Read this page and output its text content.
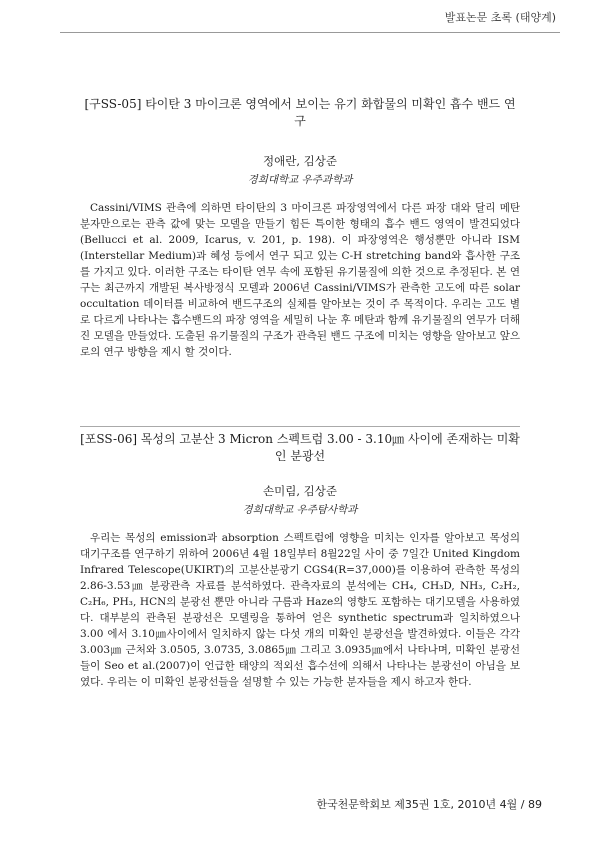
발표논문 초록 (태양계)

[구SS-05] 타이탄 3 마이크론 영역에서 보이는 유기 화합물의 미확인 흡수 밴드 연구

정애란, 김상준

경희대학교 우주과학과

Cassini/VIMS 관측에 의하면 타이탄의 3 마이크론 파장영역에서 다른 파장 대와 달리 메탄 분자만으로는 관측 값에 맞는 모델을 만들기 힘든 특이한 형태의 흡수 밴드 영역이 발견되었다 (Bellucci et al. 2009, Icarus, v. 201, p. 198). 이 파장영역은 행성뿐만 아니라 ISM (Interstellar Medium)과 혜성 등에서 연구 되고 있는 C-H stretching band와 흡사한 구조를 가지고 있다. 이러한 구조는 타이탄 연무 속에 포함된 유기물질에 의한 것으로 추정된다. 본 연구는 최근까지 개발된 복사방정식 모델과 2006년 Cassini/VIMS가 관측한 고도에 따른 solar occultation 데이터를 비교하여 밴드구조의 실체를 알아보는 것이 주 목적이다. 우리는 고도 별로 다르게 나타나는 흡수밴드의 파장 영역을 세밀히 나눈 후 메탄과 함께 유기물질의 연무가 더해진 모델을 만들었다. 도출된 유기물질의 구조가 관측된 밴드 구조에 미치는 영향을 알아보고 앞으로의 연구 방향을 제시 할 것이다.

[포SS-06] 목성의 고분산 3 Micron 스펙트럼 3.00 - 3.10㎛ 사이에 존재하는 미확인 분광선

손미림, 김상준

경희대학교 우주탐사학과

우리는 목성의 emission과 absorption 스펙트럼에 영향을 미치는 인자를 알아보고 목성의 대기구조를 연구하기 위하여 2006년 4월 18일부터 8월22일 사이 중 7일간 United Kingdom Infrared Telescope(UKIRT)의 고분산분광기 CGS4(R=37,000)를 이용하여 관측한 목성의 2.86-3.53㎛ 분광관측 자료를 분석하였다. 관측자료의 분석에는 CH₄, CH₃D, NH₃, C₂H₂, C₂H₆, PH₃, HCN의 분광선 뿐만 아니라 구름과 Haze의 영향도 포함하는 대기모델을 사용하였다. 대부분의 관측된 분광선은 모델링을 통하여 얻은 synthetic spectrum과 일치하였으나 3.00 에서 3.10㎛사이에서 일치하지 않는 다섯 개의 미확인 분광선을 발견하였다. 이들은 각각 3.003㎛ 근처와 3.0505, 3.0735, 3.0865㎛ 그리고 3.0935㎛에서 나타나며, 미확인 분광선들이 Seo et al.(2007)이 언급한 태양의 적외선 흡수선에 의해서 나타나는 분광선이 아님을 보였다. 우리는 이 미확인 분광선들을 설명할 수 있는 가능한 분자들을 제시 하고자 한다.

한국천문학회보 제35권 1호, 2010년 4월 / 89
